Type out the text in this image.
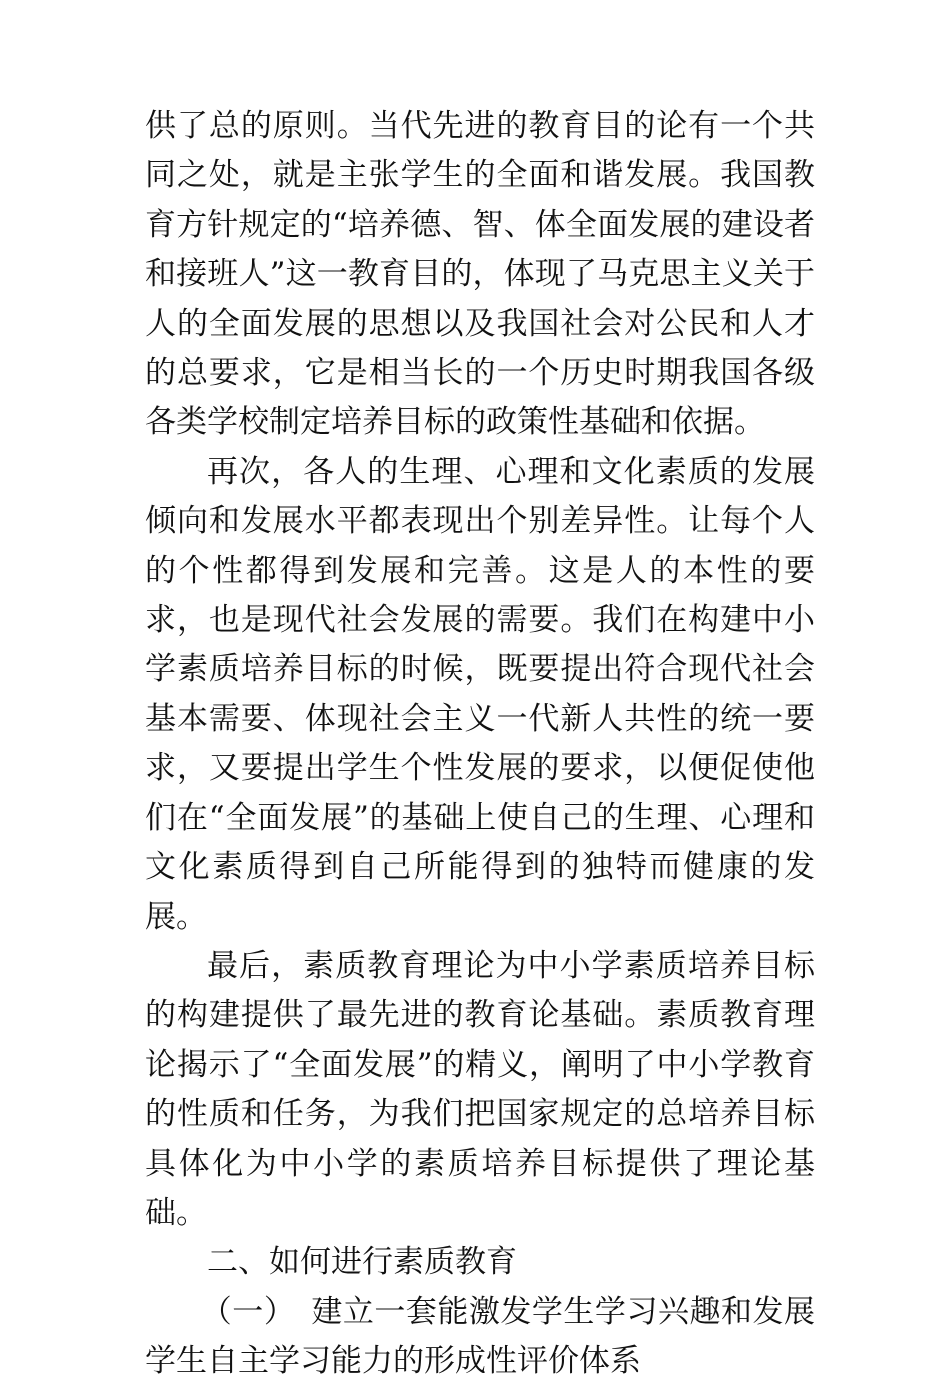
供了总的原则。当代先进的教育目的论有一个共同之处，就是主张学生的全面和谐发展。我国教育方针规定的“培养德、智、体全面发展的建设者和接班人”这一教育目的，体现了马克思主义关于人的全面发展的思想以及我国社会对公民和人才的总要求，它是相当长的一个历史时期我国各级各类学校制定培养目标的政策性基础和依据。

再次，各人的生理、心理和文化素质的发展倾向和发展水平都表现出个别差异性。让每个人的个性都得到发展和完善。这是人的本性的要求，也是现代社会发展的需要。我们在构建中小学素质培养目标的时候，既要提出符合现代社会基本需要、体现社会主义一代新人共性的统一要求，又要提出学生个性发展的要求，以便促使他们在“全面发展”的基础上使自己的生理、心理和文化素质得到自己所能得到的独特而健康的发展。

最后，素质教育理论为中小学素质培养目标的构建提供了最先进的教育论基础。素质教育理论揭示了“全面发展”的精义，阐明了中小学教育的性质和任务，为我们把国家规定的总培养目标具体化为中小学的素质培养目标提供了理论基础。

二、如何进行素质教育

（一）　建立一套能激发学生学习兴趣和发展学生自主学习能力的形成性评价体系
